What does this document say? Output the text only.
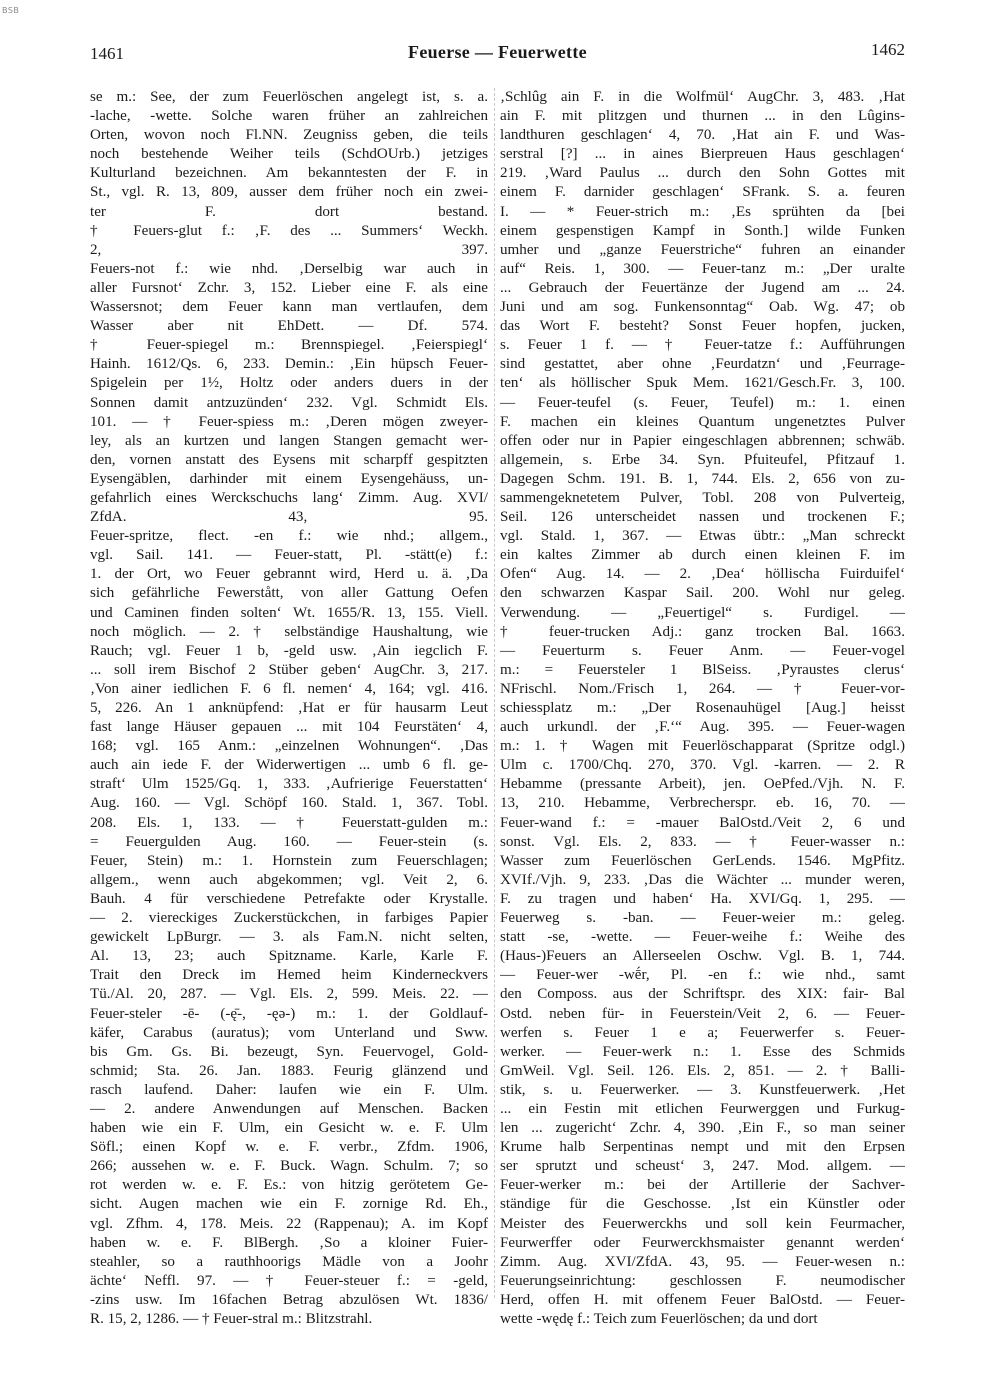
BSB
1461	Feuerse — Feuerwette	1462
se m.: See, der zum Feuerlöschen angelegt ist, s. a.
-lache, -wette. Solche waren früher an zahlreichen
Orten, wovon noch Fl.NN. Zeugniss geben, die teils
noch bestehende Weiher teils (SchdOUrb.) jetziges
Kulturland bezeichnen. Am bekanntesten der F. in
St., vgl. R. 13, 809, ausser dem früher noch ein zwei-
ter F. dort bestand.
† Feuers-glut f.: ‚F. des ... Summers‘ Weckh.
2, 397.
Feuers-not f.: wie nhd. ‚Derselbig war auch in
aller Fursnot‘ Zchr. 3, 152. Lieber eine F. als eine
Wassersnot; dem Feuer kann man vertlaufen, dem
Wasser aber nit EhDett. — Df. 574.
† Feuer-spiegel m.: Brennspiegel. ‚Feierspiegl‘
Hainh. 1612/Qs. 6, 233. Demin.: ‚Ein hüpsch Feuer-
Spigelein per 1½, Holtz oder anders duers in der
Sonnen damit antzuzünden‘ 232. Vgl. Schmidt Els.
101. — † Feuer-spiess m.: ‚Deren mögen zweyer-
ley, als an kurtzen und langen Stangen gemacht wer-
den, vornen anstatt des Eysens mit scharpff gespitzten
Eysengäblen, darhinder mit einem Eysengehäuss, un-
gefahrlich eines Werckschuchs lang‘ Zimm. Aug. XVI/
ZfdA. 43, 95.
Feuer-spritze, flect. -en f.: wie nhd.; allgem.,
vgl. Sail. 141. — Feuer-statt, Pl. -stätt(e) f.:
1. der Ort, wo Feuer gebrannt wird, Herd u. ä. ‚Da
sich gefährliche Fewerstått, von aller Gattung Oefen
und Caminen finden solten‘ Wt. 1655/R. 13, 155. Viell.
noch möglich. — 2. † selbständige Haushaltung, wie
Rauch; vgl. Feuer 1 b, -geld usw. ‚Ain iegclich F.
... soll irem Bischof 2 Stüber geben‘ AugChr. 3, 217.
‚Von ainer iedlichen F. 6 fl. nemen‘ 4, 164; vgl. 416.
5, 226. An 1 anknüpfend: ‚Hat er für hausarm Leut
fast lange Häuser gepauen ... mit 104 Feurstäten‘ 4,
168; vgl. 165 Anm.: „einzelnen Wohnungen“. ‚Das
auch ain iede F. der Widerwertigen ... umb 6 fl. ge-
straft‘ Ulm 1525/Gq. 1, 333. ‚Aufrierige Feuerstatten‘
Aug. 160. — Vgl. Schöpf 160. Stald. 1, 367. Tobl.
208. Els. 1, 133. — † Feuerstatt-gulden m.:
= Feuergulden Aug. 160. — Feuer-stein (s.
Feuer, Stein) m.: 1. Hornstein zum Feuerschlagen;
allgem., wenn auch abgekommen; vgl. Veit 2, 6.
Bauh. 4 für verschiedene Petrefakte oder Krystalle.
— 2. viereckiges Zuckerstückchen, in farbiges Papier
gewickelt LpBurgr. — 3. als Fam.N. nicht selten,
Al. 13, 23; auch Spitzname. Karle, Karle F.
Trait den Dreck im Hemed heim Kinderneckvers
Tü./Al. 20, 287. — Vgl. Els. 2, 599. Meis. 22. —
Feuer-steler -ē- (-ę̄-, -ęə-) m.: 1. der Goldlauf-
käfer, Carabus (auratus); vom Unterland und Sww.
bis Gm. Gs. Bi. bezeugt, Syn. Feuervogel, Gold-
schmid; Sta. 26. Jan. 1883. Feurig glänzend und
rasch laufend. Daher: laufen wie ein F. Ulm.
— 2. andere Anwendungen auf Menschen. Backen
haben wie ein F. Ulm, ein Gesicht w. e. F. Ulm
Söfl.; einen Kopf w. e. F. verbr., Zfdm. 1906,
266; aussehen w. e. F. Buck. Wagn. Schulm. 7; so
rot werden w. e. F. Es.: von hitzig gerötetem Ge-
sicht. Augen machen wie ein F. zornige Rd. Eh.,
vgl. Zfhm. 4, 178. Meis. 22 (Rappenau); A. im Kopf
haben w. e. F. BlBergh. ‚So a kloiner Fuier-
steahler, so a rauthhoorigs Mädle von a Joohr
ächte‘ Neffl. 97. — † Feuer-steuer f.: = -geld,
-zins usw. Im 16fachen Betrag abzulösen Wt. 1836/
R. 15, 2, 1286. — † Feuer-stral m.: Blitzstrahl.
‚Schlûg ain F. in die Wolfmül‘ AugChr. 3, 483. ‚Hat
ain F. mit plitzgen und thurnen ... in den Lûgins-
landthuren geschlagen‘ 4, 70. ‚Hat ain F. und Was-
serstral [?] ... in aines Bierpreuen Haus geschlagen‘
219. ‚Ward Paulus ... durch den Sohn Gottes mit
einem F. darnider geschlagen‘ SFrank. S. a. feuren
I. — * Feuer-strich m.: ‚Es sprühten da [bei
einem gespenstigen Kampf in Sonth.] wilde Funken
umher und „ganze Feuerstriche“ fuhren an einander
auf“ Reis. 1, 300. — Feuer-tanz m.: „Der uralte
... Gebrauch der Feuertänze der Jugend am ... 24.
Juni und am sog. Funkensonntag“ Oab. Wg. 47; ob
das Wort F. besteht? Sonst Feuer hopfen, jucken,
s. Feuer 1 f. — † Feuer-tatze f.: Aufführungen
sind gestattet, aber ohne ‚Feurdatzn‘ und ‚Feurrage-
ten‘ als höllischer Spuk Mem. 1621/Gesch.Fr. 3, 100.
— Feuer-teufel (s. Feuer, Teufel) m.: 1. einen
F. machen ein kleines Quantum ungenetztes Pulver
offen oder nur in Papier eingeschlagen abbrennen; schwäb.
allgemein, s. Erbe 34. Syn. Pfuiteufel, Pfitzauf 1.
Dagegen Schm. 191. B. 1, 744. Els. 2, 656 von zu-
sammengeknetetem Pulver, Tobl. 208 von Pulverteig,
Seil. 126 unterscheidet nassen und trockenen F.;
vgl. Stald. 1, 367. — Etwas übtr.: „Man schreckt
ein kaltes Zimmer ab durch einen kleinen F. im
Ofen“ Aug. 14. — 2. ‚Dea‘ höllischa Fuirduifel‘
den schwarzen Kaspar Sail. 200. Wohl nur geleg.
Verwendung. — „Feuertigel“ s. Furdigel. —
† feuer-trucken Adj.: ganz trocken Bal. 1663.
— Feuerturm s. Feuer Anm. — Feuer-vogel
m.: = Feuersteler 1 BlSeiss. ‚Pyraustes clerus‘
NFrischl. Nom./Frisch 1, 264. — † Feuer-vor-
schiessplatz m.: „Der Rosenauhügel [Aug.] heisst
auch urkundl. der ‚F.‘“ Aug. 395. — Feuer-wagen
m.: 1. † Wagen mit Feuerlöschapparat (Spritze odgl.)
Ulm c. 1700/Chq. 270, 370. Vgl. -karren. — 2. R
Hebamme (pressante Arbeit), jen. OePfed./Vjh. N. F.
13, 210. Hebamme, Verbrecherspr. eb. 16, 70. —
Feuer-wand f.: = -mauer BalOstd./Veit 2, 6 und
sonst. Vgl. Els. 2, 833. — † Feuer-wasser n.:
Wasser zum Feuerlöschen GerLends. 1546. MgPfitz.
XVIf./Vjh. 9, 233. ‚Das die Wächter ... munder weren,
F. zu tragen und haben‘ Ha. XVI/Gq. 1, 295. —
Feuerweg s. -ban. — Feuer-weier m.: geleg.
statt -se, -wette. — Feuer-weihe f.: Weihe des
(Haus-)Feuers an Allerseelen Oschw. Vgl. B. 1, 744.
— Feuer-wer -wḗr, Pl. -en f.: wie nhd., samt
den Composs. aus der Schriftspr. des XIX: fair- Bal
Ostd. neben für- in Feuerstein/Veit 2, 6. — Feuer-
werfen s. Feuer 1 e a; Feuerwerfer s. Feuer-
werker. — Feuer-werk n.: 1. Esse des Schmids
GmWeil. Vgl. Seil. 126. Els. 2, 851. — 2. † Balli-
stik, s. u. Feuerwerker. — 3. Kunstfeuerwerk. ‚Het
... ein Festin mit etlichen Feurwerggen und Furkug-
len ... zugericht‘ Zchr. 4, 390. ‚Ein F., so man seiner
Krume halb Serpentinas nempt und mit den Erpsen
ser sprutzt und scheust‘ 3, 247. Mod. allgem. —
Feuer-werker m.: bei der Artillerie der Sachver-
ständige für die Geschosse. ‚Ist ein Künstler oder
Meister des Feuerwerckhs und soll kein Feurmacher,
Feurwerffer oder Feurwerckhsmaister genannt werden‘
Zimm. Aug. XVI/ZfdA. 43, 95. — Feuer-wesen n.:
Feuerungseinrichtung: geschlossen F. neumodischer
Herd, offen H. mit offenem Feuer BalOstd. — Feuer-
wette -wędę f.: Teich zum Feuerlöschen; da und dort
